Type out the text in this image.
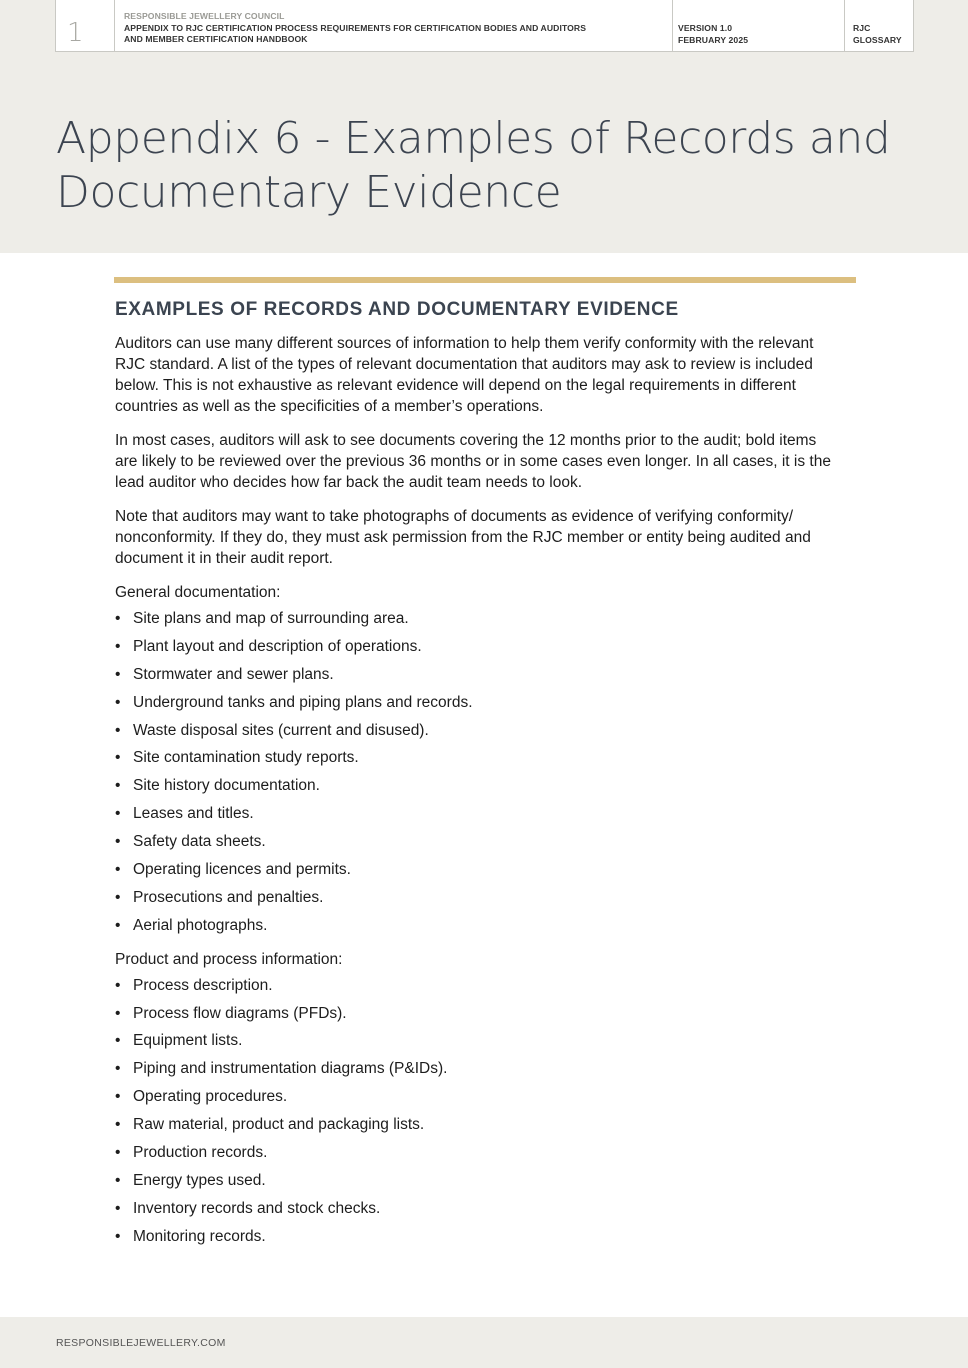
1
RESPONSIBLE JEWELLERY COUNCIL
APPENDIX TO RJC CERTIFICATION PROCESS REQUIREMENTS FOR CERTIFICATION BODIES AND AUDITORS
AND MEMBER CERTIFICATION HANDBOOK
VERSION 1.0
FEBRUARY 2025
RJC
GLOSSARY
Appendix 6 - Examples of Records and
Documentary Evidence
EXAMPLES OF RECORDS AND DOCUMENTARY EVIDENCE

Auditors can use many different sources of information to help them verify conformity with the relevant
RJC standard. A list of the types of relevant documentation that auditors may ask to review is included
below. This is not exhaustive as relevant evidence will depend on the legal requirements in different
countries as well as the specificities of a member’s operations.

In most cases, auditors will ask to see documents covering the 12 months prior to the audit; bold items
are likely to be reviewed over the previous 36 months or in some cases even longer. In all cases, it is the
lead auditor who decides how far back the audit team needs to look.

Note that auditors may want to take photographs of documents as evidence of verifying conformity/
nonconformity. If they do, they must ask permission from the RJC member or entity being audited and
document it in their audit report.

General documentation:
• Site plans and map of surrounding area.
• Plant layout and description of operations.
• Stormwater and sewer plans.
• Underground tanks and piping plans and records.
• Waste disposal sites (current and disused).
• Site contamination study reports.
• Site history documentation.
• Leases and titles.
• Safety data sheets.
• Operating licences and permits.
• Prosecutions and penalties.
• Aerial photographs.
Product and process information:
• Process description.
• Process flow diagrams (PFDs).
• Equipment lists.
• Piping and instrumentation diagrams (P&IDs).
• Operating procedures.
• Raw material, product and packaging lists.
• Production records.
• Energy types used.
• Inventory records and stock checks.
• Monitoring records.
RESPONSIBLEJEWELLERY.COM
